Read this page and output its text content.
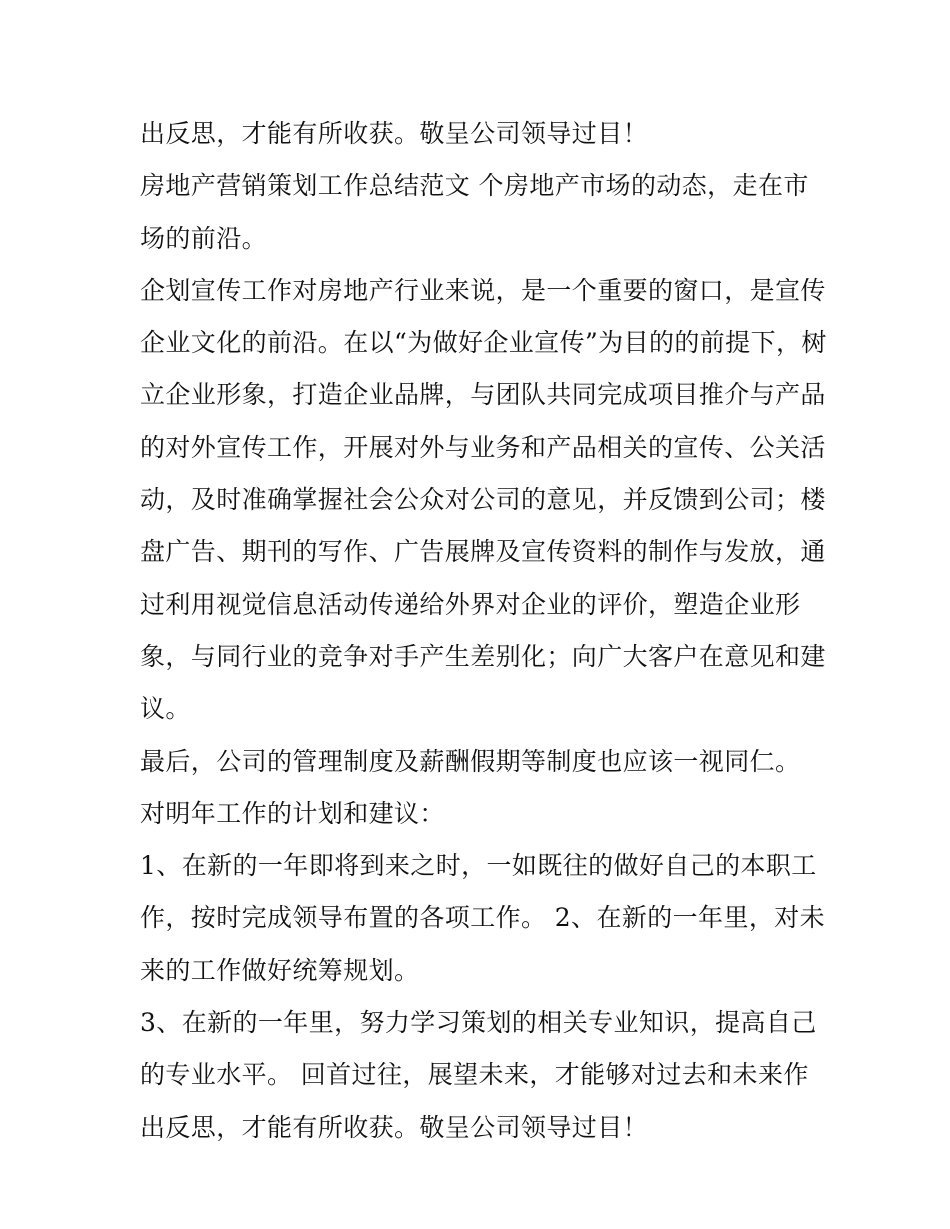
出反思，才能有所收获。敬呈公司领导过目！
房地产营销策划工作总结范文 个房地产市场的动态，走在市
场的前沿。
企划宣传工作对房地产行业来说，是一个重要的窗口，是宣传
企业文化的前沿。在以“为做好企业宣传”为目的的前提下，树
立企业形象，打造企业品牌，与团队共同完成项目推介与产品
的对外宣传工作，开展对外与业务和产品相关的宣传、公关活
动，及时准确掌握社会公众对公司的意见，并反馈到公司；楼
盘广告、期刊的写作、广告展牌及宣传资料的制作与发放，通
过利用视觉信息活动传递给外界对企业的评价，塑造企业形
象，与同行业的竞争对手产生差别化；向广大客户在意见和建
议。
最后，公司的管理制度及薪酬假期等制度也应该一视同仁。
对明年工作的计划和建议：
1、在新的一年即将到来之时，一如既往的做好自己的本职工
作，按时完成领导布置的各项工作。 2、在新的一年里，对未
来的工作做好统筹规划。
3、在新的一年里，努力学习策划的相关专业知识，提高自己
的专业水平。 回首过往，展望未来，才能够对过去和未来作
出反思，才能有所收获。敬呈公司领导过目！
